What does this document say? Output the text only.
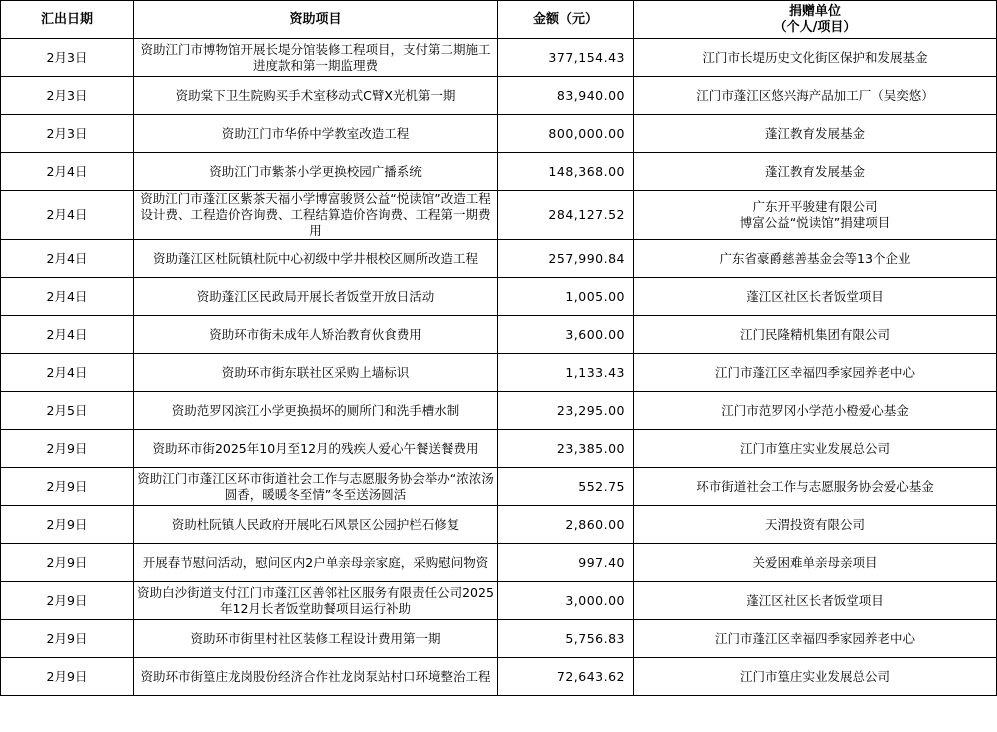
汇出日期	资助项目	金额（元）	捐赠单位
（个人/项目）

2月3日	资助江门市博物馆开展长堤分馆装修工程项目，支付第二期施工进度款和第一期监理费	377,154.43	江门市长堤历史文化街区保护和发展基金

2月3日	资助棠下卫生院购买手术室移动式C臂X光机第一期	83,940.00	江门市蓬江区悠兴海产品加工厂（吴奕悠）

2月3日	资助江门市华侨中学教室改造工程	800,000.00	蓬江教育发展基金

2月4日	资助江门市紫茶小学更换校园广播系统	148,368.00	蓬江教育发展基金

2月4日	资助江门市蓬江区紫茶天福小学博富骏贤公益“悦读馆”改造工程设计费、工程造价咨询费、工程结算造价咨询费、工程第一期费用	284,127.52	广东开平骏建有限公司
博富公益“悦读馆”捐建项目

2月4日	资助蓬江区杜阮镇杜阮中心初级中学井根校区厕所改造工程	257,990.84	广东省豪爵慈善基金会等13个企业

2月4日	资助蓬江区民政局开展长者饭堂开放日活动	1,005.00	蓬江区社区长者饭堂项目

2月4日	资助环市街未成年人矫治教育伙食费用	3,600.00	江门民隆精机集团有限公司

2月4日	资助环市街东联社区采购上墙标识	1,133.43	江门市蓬江区幸福四季家园养老中心

2月5日	资助范罗冈滨江小学更换损坏的厕所门和洗手槽水制	23,295.00	江门市范罗冈小学范小橙爱心基金

2月9日	资助环市街2025年10月至12月的残疾人爱心午餐送餐费用	23,385.00	江门市篁庄实业发展总公司

2月9日	资助江门市蓬江区环市街道社会工作与志愿服务协会举办“浓浓汤圆香，暖暖冬至情”冬至送汤圆活	552.75	环市街道社会工作与志愿服务协会爱心基金

2月9日	资助杜阮镇人民政府开展叱石风景区公园护栏石修复	2,860.00	天渭投资有限公司

2月9日	开展春节慰问活动，慰问区内2户单亲母亲家庭，采购慰问物资	997.40	关爱困难单亲母亲项目

2月9日	资助白沙街道支付江门市蓬江区善邻社区服务有限责任公司2025年12月长者饭堂助餐项目运行补助	3,000.00	蓬江区社区长者饭堂项目

2月9日	资助环市街里村社区装修工程设计费用第一期	5,756.83	江门市蓬江区幸福四季家园养老中心

2月9日	资助环市街篁庄龙岗股份经济合作社龙岗泵站村口环境整治工程	72,643.62	江门市篁庄实业发展总公司
